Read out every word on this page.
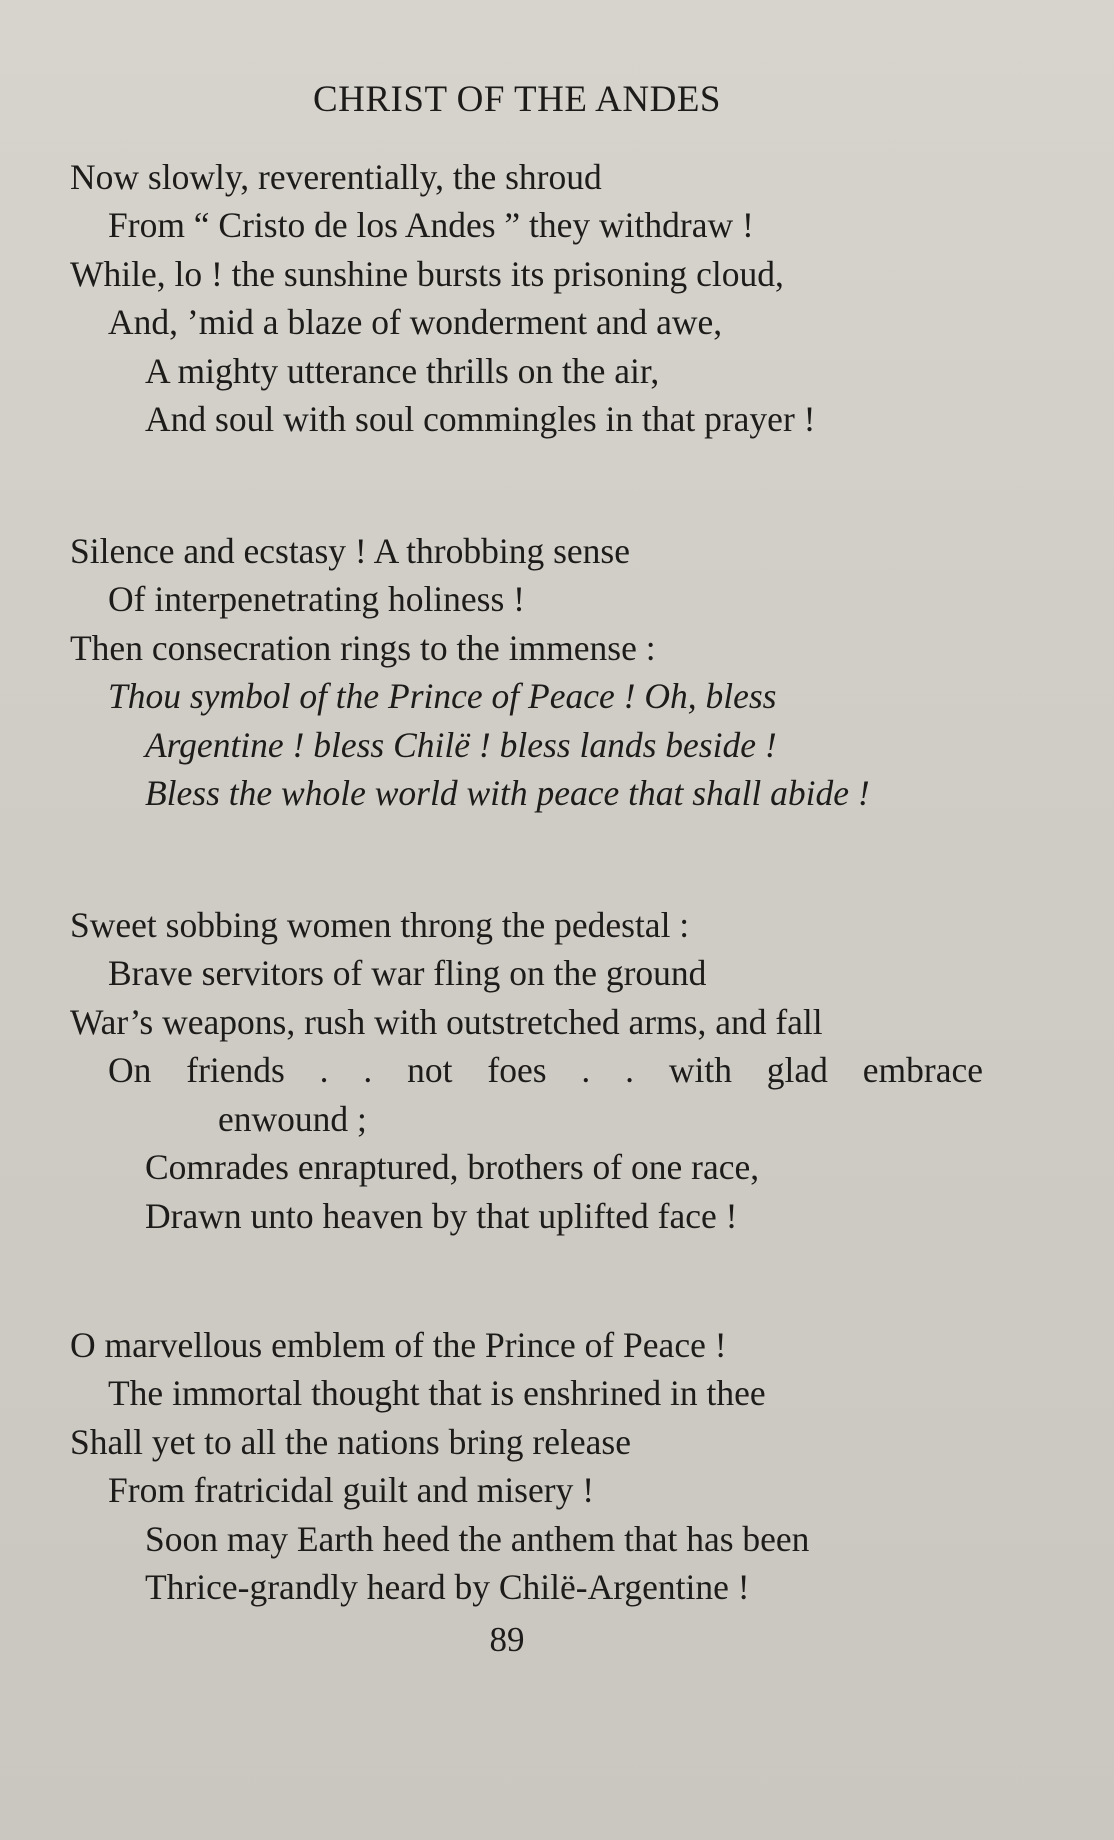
CHRIST OF THE ANDES
Now slowly, reverentially, the shroud
From “ Cristo de los Andes ” they withdraw !
While, lo ! the sunshine bursts its prisoning cloud,
And, ’mid a blaze of wonderment and awe,
A mighty utterance thrills on the air,
And soul with soul commingles in that prayer !
Silence and ecstasy ! A throbbing sense
Of interpenetrating holiness !
Then consecration rings to the immense :
Thou symbol of the Prince of Peace ! Oh, bless
Argentine ! bless Chilë ! bless lands beside !
Bless the whole world with peace that shall abide !
Sweet sobbing women throng the pedestal :
Brave servitors of war fling on the ground
War’s weapons, rush with outstretched arms, and fall
On friends . . not foes . . with glad embrace
enwound ;
Comrades enraptured, brothers of one race,
Drawn unto heaven by that uplifted face !
O marvellous emblem of the Prince of Peace !
The immortal thought that is enshrined in thee
Shall yet to all the nations bring release
From fratricidal guilt and misery !
Soon may Earth heed the anthem that has been
Thrice-grandly heard by Chilë-Argentine !
89
